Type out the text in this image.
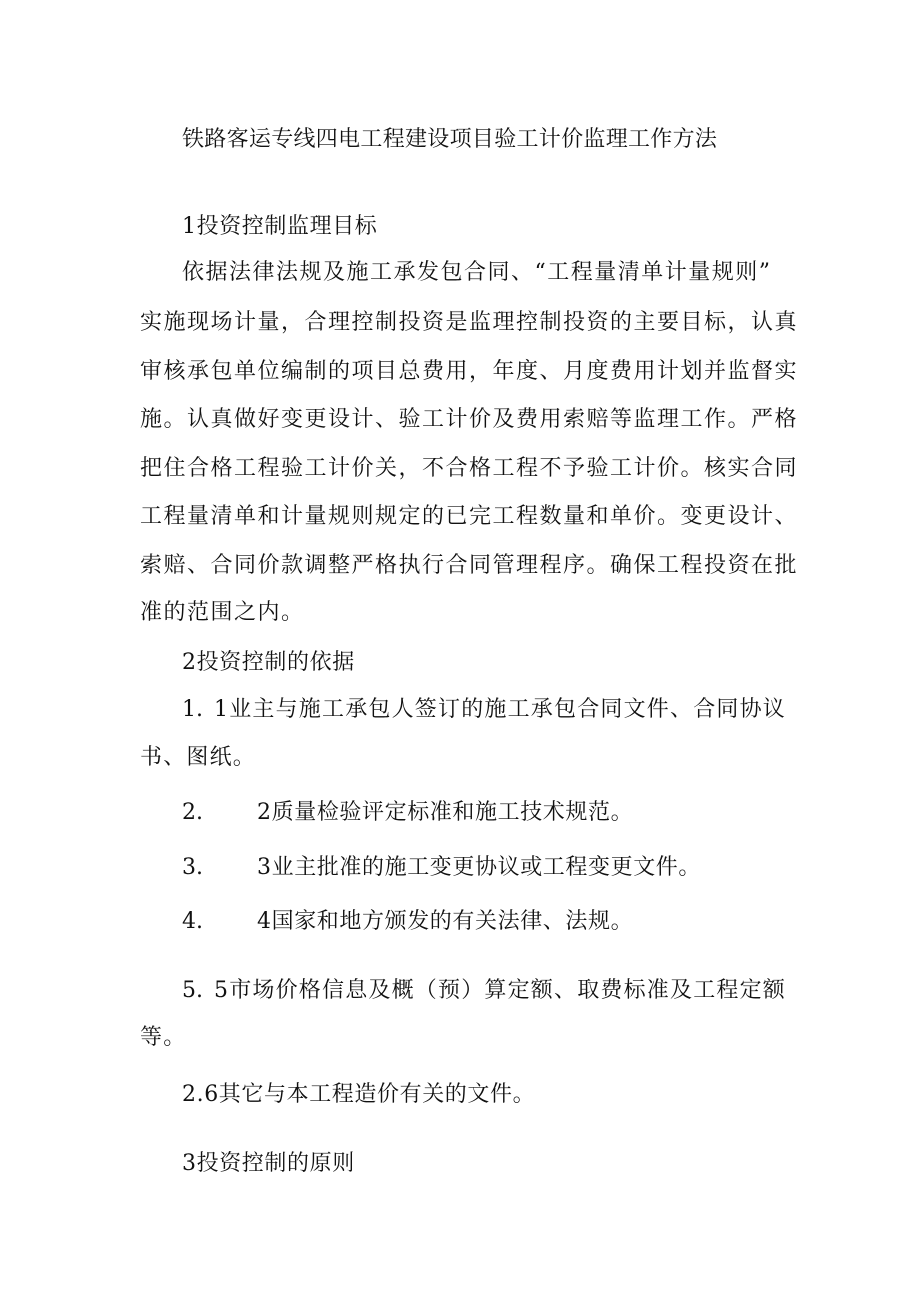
铁路客运专线四电工程建设项目验工计价监理工作方法
1投资控制监理目标
依据法律法规及施工承发包合同、“工程量清单计量规则”
实施现场计量，合理控制投资是监理控制投资的主要目标，认真
审核承包单位编制的项目总费用，年度、月度费用计划并监督实
施。认真做好变更设计、验工计价及费用索赔等监理工作。严格
把住合格工程验工计价关，不合格工程不予验工计价。核实合同
工程量清单和计量规则规定的已完工程数量和单价。变更设计、
索赔、合同价款调整严格执行合同管理程序。确保工程投资在批
准的范围之内。
2投资控制的依据
1. 1业主与施工承包人签订的施工承包合同文件、合同协议
书、图纸。
2. 2质量检验评定标准和施工技术规范。
3. 3业主批准的施工变更协议或工程变更文件。
4. 4国家和地方颁发的有关法律、法规。
5. 5市场价格信息及概（预）算定额、取费标准及工程定额
等。
2.6其它与本工程造价有关的文件。
3投资控制的原则
